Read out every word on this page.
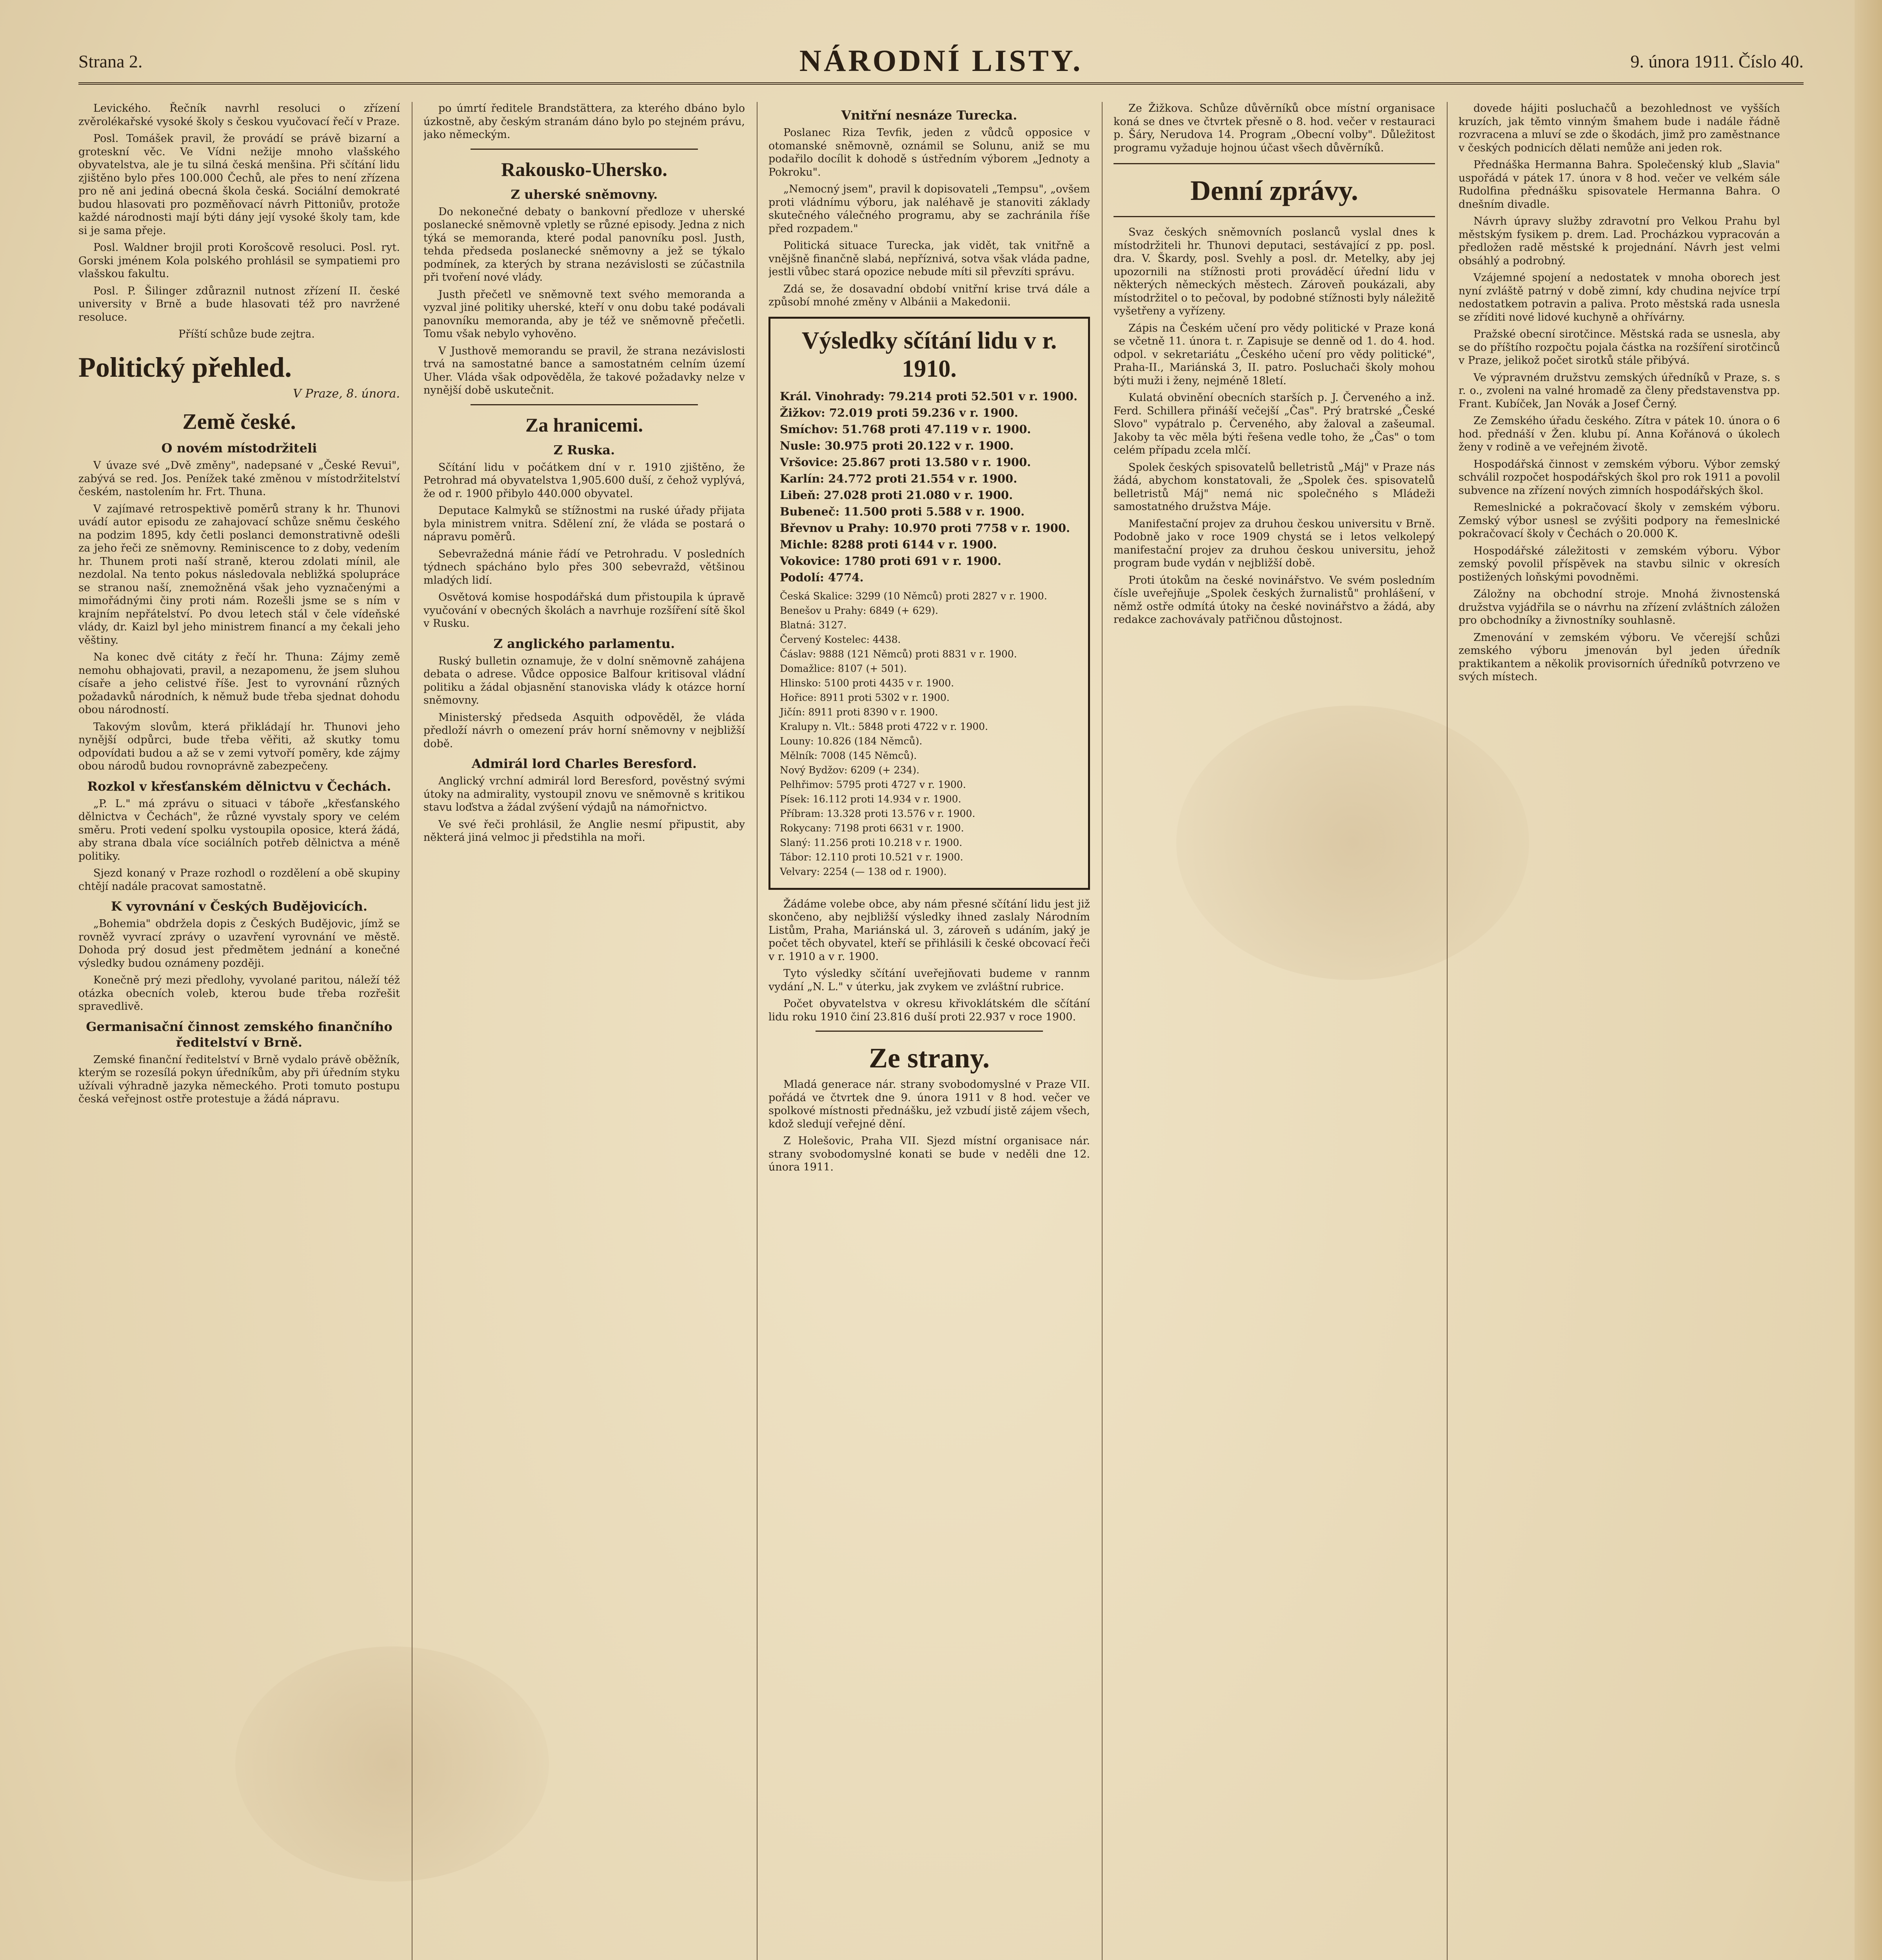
Strana 2.	NÁRODNÍ LISTY.	9. února 1911. Číslo 40.

Levického. Řečník navrhl resoluci o zřízení zvěrolékařské vysoké školy s českou vyučovací řečí v Praze.

Posl. Tomášek pravil, že provádí se právě bizarní a groteskní věc. Ve Vídni nežije mnoho vlašského obyvatelstva, ale je tu silná česká menšina. Při sčítání lidu zjištěno bylo přes 100.000 Čechů, ale přes to není zřízena pro ně ani jediná obecná škola česká. Sociální demokraté budou hlasovati pro pozměňovací návrh Pittoniův, protože každé národnosti mají býti dány její vysoké školy tam, kde si je sama přeje.

Posl. Waldner brojil proti Korošcově resoluci. Posl. ryt. Gorski jménem Kola polského prohlásil se sympatiemi pro vlašskou fakultu.

Posl. P. Šilinger zdůraznil nutnost zřízení II. české university v Brně a bude hlasovati též pro navržené resoluce.

Příští schůze bude zejtra.

Politický přehled.
V Praze, 8. února.
Země české.
O novém místodržiteli

V úvaze své „Dvě změny", nadepsané v „České Revui", zabývá se red. Jos. Penížek také změnou v místodržitelství českém, nastolením hr. Frt. Thuna.

V zajímavé retrospektivě poměrů strany k hr. Thunovi uvádí autor episodu ze zahajovací schůze sněmu českého na podzim 1895, kdy četli poslanci demonstrativně odešli za jeho řeči ze sněmovny. Reminiscence to z doby, vedením hr. Thunem proti naší straně, kterou zdolati mínil, ale nezdolal. Na tento pokus následovala nebližká spolupráce se stranou naší, znemožněná však jeho vyznačenými a mimořádnými činy proti nám. Rozešli jsme se s ním v krajním nepřátelství. Po dvou letech stál v čele vídeňské vlády, dr. Kaizl byl jeho ministrem financí a my čekali jeho věštiny.

Na konec dvě citáty z řečí hr. Thuna: Zájmy země nemohu obhajovati, pravil, a nezapomenu, že jsem sluhou císaře a jeho celistvé říše. Jest to vyrovnání různých požadavků národních, k němuž bude třeba sjednat dohodu obou národností.

Takovým slovům, která přikládají hr. Thunovi jeho nynější odpůrci, bude třeba věřiti, až skutky tomu odpovídati budou a až se v zemi vytvoří poměry, kde zájmy obou národů budou rovnoprávně zabezpečeny.

Rozkol v křesťanském dělnictvu v Čechách.

„P. L." má zprávu o situaci v táboře „křesťanského dělnictva v Čechách", že různé vyvstaly spory ve celém směru. Proti vedení spolku vystoupila oposice, která žádá, aby strana dbala více sociálních potřeb dělnictva a méně politiky.

Sjezd konaný v Praze rozhodl o rozdělení a obě skupiny chtějí nadále pracovat samostatně.

K vyrovnání v Českých Budějovicích.

„Bohemia" obdržela dopis z Českých Budějovic, jímž se rovněž vyvrací zprávy o uzavření vyrovnání ve městě. Dohoda prý dosud jest předmětem jednání a konečné výsledky budou oznámeny později.

Konečně prý mezi předlohy, vyvolané paritou, náleží též otázka obecních voleb, kterou bude třeba rozřešit spravedlivě.

Germanisační činnost zemského finančního ředitelství v Brně.

Zemské finanční ředitelství v Brně vydalo právě oběžník, kterým se rozesílá pokyn úředníkům, aby při úředním styku užívali výhradně jazyka německého. Proti tomuto postupu česká veřejnost ostře protestuje a žádá nápravu.

po úmrtí ředitele Brandstättera, za kterého dbáno bylo úzkostně, aby českým stranám dáno bylo po stejném právu, jako německým.

Rakousko-Uhersko.
Z uherské sněmovny.

Do nekonečné debaty o bankovní předloze v uherské poslanecké sněmovně vpletly se různé episody. Jedna z nich týká se memoranda, které podal panovníku posl. Justh, tehda předseda poslanecké sněmovny a jež se týkalo podmínek, za kterých by strana nezávislosti se zúčastnila při tvoření nové vlády.

Justh přečetl ve sněmovně text svého memoranda a vyzval jiné politiky uherské, kteří v onu dobu také podávali panovníku memoranda, aby je též ve sněmovně přečetli. Tomu však nebylo vyhověno.

V Justhově memorandu se pravil, že strana nezávislosti trvá na samostatné bance a samostatném celním území Uher. Vláda však odpověděla, že takové požadavky nelze v nynější době uskutečnit.

Za hranicemi.
Z Ruska.

Sčítání lidu v počátkem dní v r. 1910 zjištěno, že Petrohrad má obyvatelstva 1,905.600 duší, z čehož vyplývá, že od r. 1900 přibylo 440.000 obyvatel.

Deputace Kalmyků se stížnostmi na ruské úřady přijata byla ministrem vnitra. Sdělení zní, že vláda se postará o nápravu poměrů.

Sebevražedná mánie řádí ve Petrohradu. V posledních týdnech spácháno bylo přes 300 sebevražd, většinou mladých lidí.

Osvětová komise hospodářská dum přistoupila k úpravě vyučování v obecných školách a navrhuje rozšíření sítě škol v Rusku.

Z anglického parlamentu.

Ruský bulletin oznamuje, že v dolní sněmovně zahájena debata o adrese. Vůdce opposice Balfour kritisoval vládní politiku a žádal objasnění stanoviska vlády k otázce horní sněmovny.

Ministerský předseda Asquith odpověděl, že vláda předloží návrh o omezení práv horní sněmovny v nejbližší době.

Admirál lord Charles Beresford.

Anglický vrchní admirál lord Beresford, pověstný svými útoky na admirality, vystoupil znovu ve sněmovně s kritikou stavu loďstva a žádal zvýšení výdajů na námořnictvo.

Ve své řeči prohlásil, že Anglie nesmí připustit, aby některá jiná velmoc ji předstihla na moři.

Vnitřní nesnáze Turecka.

Poslanec Riza Tevfik, jeden z vůdců opposice v otomanské sněmovně, oznámil se Solunu, aniž se mu podařilo docílit k dohodě s ústředním výborem „Jednoty a Pokroku".

„Nemocný jsem", pravil k dopisovateli „Tempsu", „ovšem proti vládnímu výboru, jak naléhavě je stanoviti základy skutečného válečného programu, aby se zachránila říše před rozpadem."

Politická situace Turecka, jak vidět, tak vnitřně a vnějšně finančně slabá, nepříznivá, sotva však vláda padne, jestli vůbec stará opozice nebude míti sil převzíti správu.

Zdá se, že dosavadní období vnitřní krise trvá dále a způsobí mnohé změny v Albánii a Makedonii.

Výsledky sčítání lidu v r. 1910.
Král. Vinohrady: 79.214 proti 52.501 v r. 1900.
Žižkov: 72.019 proti 59.236 v r. 1900.
Smíchov: 51.768 proti 47.119 v r. 1900.
Nusle: 30.975 proti 20.122 v r. 1900.
Vršovice: 25.867 proti 13.580 v r. 1900.
Karlín: 24.772 proti 21.554 v r. 1900.
Libeň: 27.028 proti 21.080 v r. 1900.
Bubeneč: 11.500 proti 5.588 v r. 1900.
Břevnov u Prahy: 10.970 proti 7758 v r. 1900.
Michle: 8288 proti 6144 v r. 1900.
Vokovice: 1780 proti 691 v r. 1900.
Podolí: 4774.
Česká Skalice: 3299 (10 Němců) proti 2827 v r. 1900.
Benešov u Prahy: 6849 (+ 629).
Blatná: 3127.
Červený Kostelec: 4438.
Čáslav: 9888 (121 Němců) proti 8831 v r. 1900.
Domažlice: 8107 (+ 501).
Hlinsko: 5100 proti 4435 v r. 1900.
Hořice: 8911 proti 5302 v r. 1900.
Jičín: 8911 proti 8390 v r. 1900.
Kralupy n. Vlt.: 5848 proti 4722 v r. 1900.
Louny: 10.826 (184 Němců).
Mělník: 7008 (145 Němců).
Nový Bydžov: 6209 (+ 234).
Pelhřimov: 5795 proti 4727 v r. 1900.
Písek: 16.112 proti 14.934 v r. 1900.
Příbram: 13.328 proti 13.576 v r. 1900.
Rokycany: 7198 proti 6631 v r. 1900.
Slaný: 11.256 proti 10.218 v r. 1900.
Tábor: 12.110 proti 10.521 v r. 1900.
Velvary: 2254 (— 138 od r. 1900).

Žádáme volebe obce, aby nám přesné sčítání lidu jest již skončeno, aby nejbližší výsledky ihned zaslaly Národním Listům, Praha, Mariánská ul. 3, zároveň s udáním, jaký je počet těch obyvatel, kteří se přihlásili k české obcovací řeči v r. 1910 a v r. 1900.

Tyto výsledky sčítání uveřejňovati budeme v rannm vydání „N. L." v úterku, jak zvykem ve zvláštní rubrice.

Počet obyvatelstva v okresu křivoklátském dle sčítání lidu roku 1910 činí 23.816 duší proti 22.937 v roce 1900.

Ze strany.

Mladá generace nár. strany svobodomyslné v Praze VII. pořádá ve čtvrtek dne 9. února 1911 v 8 hod. večer ve spolkové místnosti přednášku, jež vzbudí jistě zájem všech, kdož sledují veřejné dění.

Z Holešovic, Praha VII. Sjezd místní organisace nár. strany svobodomyslné konati se bude v neděli dne 12. února 1911.

Ze Žižkova. Schůze důvěrníků obce místní organisace koná se dnes ve čtvrtek přesně o 8. hod. večer v restauraci p. Šáry, Nerudova 14. Program „Obecní volby". Důležitost programu vyžaduje hojnou účast všech důvěrníků.

Denní zprávy.

Svaz českých sněmovních poslanců vyslal dnes k místodržiteli hr. Thunovi deputaci, sestávající z pp. posl. dra. V. Škardy, posl. Svehly a posl. dr. Metelky, aby jej upozornili na stížnosti proti prováděcí úřední lidu v některých německých městech. Zároveň poukázali, aby místodržitel o to pečoval, by podobné stížnosti byly náležitě vyšetřeny a vyřízeny.

Zápis na Českém učení pro vědy politické v Praze koná se včetně 11. února t. r. Zapisuje se denně od 1. do 4. hod. odpol. v sekretariátu „Českého učení pro vědy politické", Praha-II., Mariánská 3, II. patro. Posluchači školy mohou býti muži i ženy, nejméně 18letí.

Kulatá obvinění obecních starších p. J. Červeného a inž. Ferd. Schillera přináší večejší „Čas". Prý bratrské „České Slovo" vypátralo p. Červeného, aby žaloval a zašeumal. Jakoby ta věc měla býti řešena vedle toho, že „Čas" o tom celém případu zcela mlčí.

Spolek českých spisovatelů belletristů „Máj" v Praze nás žádá, abychom konstatovali, že „Spolek čes. spisovatelů belletristů Máj" nemá nic společného s Mládeži samostatného družstva Máje.

Manifestační projev za druhou českou universitu v Brně. Podobně jako v roce 1909 chystá se i letos velkolepý manifestační projev za druhou českou universitu, jehož program bude vydán v nejbližší době.

Proti útokům na české novinářstvo. Ve svém posledním čísle uveřejňuje „Spolek českých žurnalistů" prohlášení, v němž ostře odmítá útoky na české novinářstvo a žádá, aby redakce zachovávaly patřičnou důstojnost.

dovede hájiti posluchačů a bezohlednost ve vyšších kruzích, jak těmto vinným šmahem bude i nadále řádně rozvracena a mluví se zde o škodách, jimž pro zaměstnance v českých podnicích dělati nemůže ani jeden rok.

Přednáška Hermanna Bahra. Společenský klub „Slavia" uspořádá v pátek 17. února v 8 hod. večer ve velkém sále Rudolfina přednášku spisovatele Hermanna Bahra. O dnešním divadle.

Návrh úpravy služby zdravotní pro Velkou Prahu byl městským fysikem p. drem. Lad. Procházkou vypracován a předložen radě městské k projednání. Návrh jest velmi obsáhlý a podrobný.

Vzájemné spojení a nedostatek v mnoha oborech jest nyní zvláště patrný v době zimní, kdy chudina nejvíce trpí nedostatkem potravin a paliva. Proto městská rada usnesla se zříditi nové lidové kuchyně a ohřívárny.

Pražské obecní sirotčince. Městská rada se usnesla, aby se do příštího rozpočtu pojala částka na rozšíření sirotčinců v Praze, jelikož počet sirotků stále přibývá.

Ve výpravném družstvu zemských úředníků v Praze, s. s r. o., zvoleni na valné hromadě za členy představenstva pp. Frant. Kubíček, Jan Novák a Josef Černý.

Ze Zemského úřadu českého. Zítra v pátek 10. února o 6 hod. přednáší v Žen. klubu pí. Anna Kořánová o úkolech ženy v rodině a ve veřejném životě.

Hospodářská činnost v zemském výboru. Výbor zemský schválil rozpočet hospodářských škol pro rok 1911 a povolil subvence na zřízení nových zimních hospodářských škol.

Remeslnické a pokračovací školy v zemském výboru. Zemský výbor usnesl se zvýšiti podpory na řemeslnické pokračovací školy v Čechách o 20.000 K.

Hospodářské záležitosti v zemském výboru. Výbor zemský povolil příspěvek na stavbu silnic v okresích postižených loňskými povodněmi.

Záložny na obchodní stroje. Mnohá živnostenská družstva vyjádřila se o návrhu na zřízení zvláštních záložen pro obchodníky a živnostníky souhlasně.

Zmenování v zemském výboru. Ve včerejší schůzi zemského výboru jmenován byl jeden úředník praktikantem a několik provisorních úředníků potvrzeno ve svých místech.
